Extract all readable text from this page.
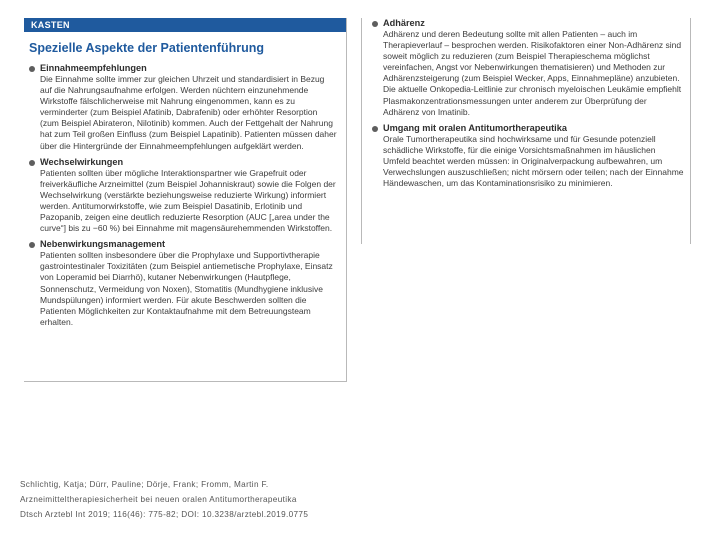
KASTEN
Spezielle Aspekte der Patientenführung
Einnahmeempfehlungen
Die Einnahme sollte immer zur gleichen Uhrzeit und standardisiert in Bezug auf die Nahrungsaufnahme erfolgen. Werden nüchtern einzunehmende Wirkstoffe fälschlicherweise mit Nahrung eingenommen, kann es zu verminderter (zum Beispiel Afatinib, Dabrafenib) oder erhöhter Resorption (zum Beispiel Abirateron, Nilotinib) kommen. Auch der Fettgehalt der Nahrung hat zum Teil großen Einfluss (zum Beispiel Lapatinib). Patienten müssen daher über die Hintergründe der Einnahmeempfehlungen aufgeklärt werden.
Wechselwirkungen
Patienten sollten über mögliche Interaktionspartner wie Grapefruit oder freiverkäufliche Arzneimittel (zum Beispiel Johanniskraut) sowie die Folgen der Wechselwirkung (verstärkte beziehungsweise reduzierte Wirkung) informiert werden. Antitumorwirkstoffe, wie zum Beispiel Dasatinib, Erlotinib und Pazopanib, zeigen eine deutlich reduzierte Resorption (AUC [„area under the curve“] bis zu −60 %) bei Einnahme mit magensäurehemmenden Wirkstoffen.
Nebenwirkungsmanagement
Patienten sollten insbesondere über die Prophylaxe und Supportivtherapie gastrointestinaler Toxizitäten (zum Beispiel antiemetische Prophylaxe, Einsatz von Loperamid bei Diarrhö), kutaner Nebenwirkungen (Hautpflege, Sonnenschutz, Vermeidung von Noxen), Stomatitis (Mundhygiene inklusive Mundspülungen) informiert werden. Für akute Beschwerden sollten die Patienten Möglichkeiten zur Kontaktaufnahme mit dem Betreuungsteam erhalten.
Adhärenz
Adhärenz und deren Bedeutung sollte mit allen Patienten – auch im Therapieverlauf – besprochen werden. Risikofaktoren einer Non-Adhärenz sind soweit möglich zu reduzieren (zum Beispiel Therapieschema möglichst vereinfachen, Angst vor Nebenwirkungen thematisieren) und Methoden zur Adhärenzsteigerung (zum Beispiel Wecker, Apps, Einnahmepläne) anzubieten. Die aktuelle Onkopedia-Leitlinie zur chronisch myeloischen Leukämie empfiehlt Plasmakonzentrationsmessungen unter anderem zur Überprüfung der Adhärenz von Imatinib.
Umgang mit oralen Antitumortherapeutika
Orale Tumortherapeutika sind hochwirksame und für Gesunde potenziell schädliche Wirkstoffe, für die einige Vorsichtsmaßnahmen im häuslichen Umfeld beachtet werden müssen: in Originalverpackung aufbewahren, um Verwechslungen auszuschließen; nicht mörsern oder teilen; nach der Einnahme Händewaschen, um das Kontaminationsrisiko zu minimieren.
Schlichtig, Katja; Dürr, Pauline; Dörje, Frank; Fromm, Martin F.
Arzneimitteltherapiesicherheit bei neuen oralen Antitumortherapeutika
Dtsch Arztebl Int 2019; 116(46): 775-82; DOI: 10.3238/arztebl.2019.0775
